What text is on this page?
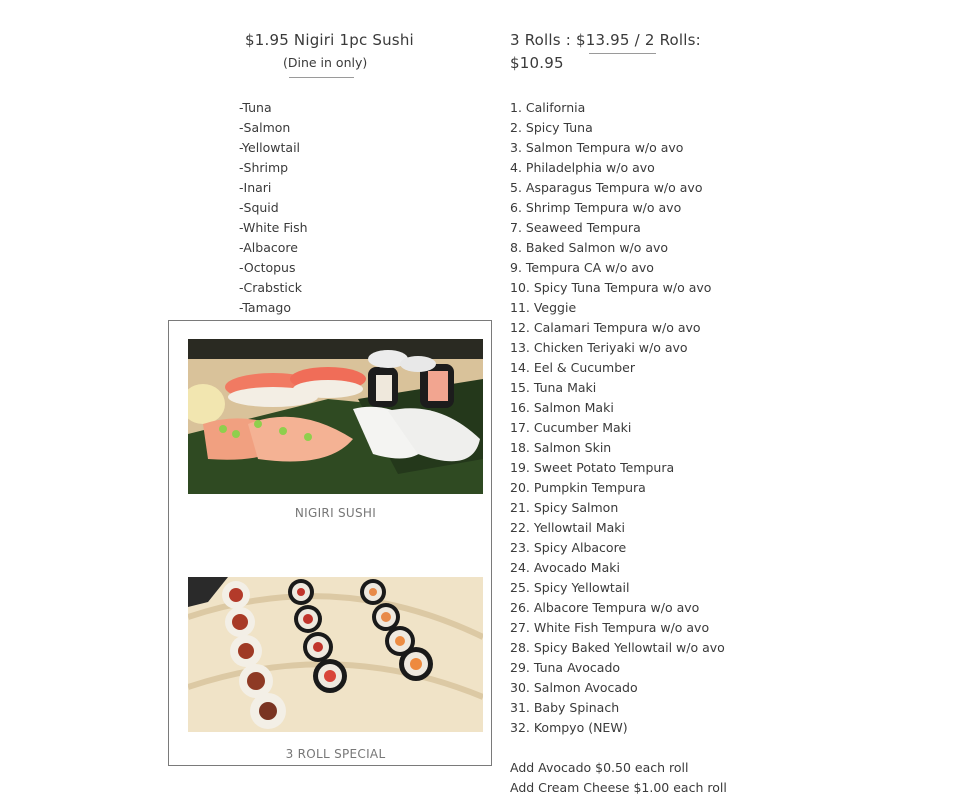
$1.95 Nigiri 1pc Sushi
(Dine in only)
-Tuna
-Salmon
-Yellowtail
-Shrimp
-Inari
-Squid
-White Fish
-Albacore
-Octopus
-Crabstick
-Tamago
3 Rolls : $13.95 / 2 Rolls:
$10.95
1. California
2. Spicy Tuna
3. Salmon Tempura w/o avo
4. Philadelphia w/o avo
5. Asparagus Tempura w/o avo
6. Shrimp Tempura w/o avo
7. Seaweed Tempura
8. Baked Salmon w/o avo
9. Tempura CA w/o avo
10. Spicy Tuna Tempura w/o avo
11. Veggie
12. Calamari Tempura w/o avo
13. Chicken Teriyaki w/o avo
14. Eel & Cucumber
15. Tuna Maki
16. Salmon Maki
17. Cucumber Maki
18. Salmon Skin
19. Sweet Potato Tempura
20. Pumpkin Tempura
21. Spicy Salmon
22. Yellowtail Maki
23. Spicy Albacore
24. Avocado Maki
25. Spicy Yellowtail
26. Albacore Tempura w/o avo
27. White Fish Tempura w/o avo
28. Spicy Baked Yellowtail w/o avo
29. Tuna Avocado
30. Salmon Avocado
31. Baby Spinach
32. Kompyo (NEW)
Add Avocado $0.50 each roll
Add Cream Cheese $1.00 each roll
NIGIRI SUSHI
3 ROLL SPECIAL
